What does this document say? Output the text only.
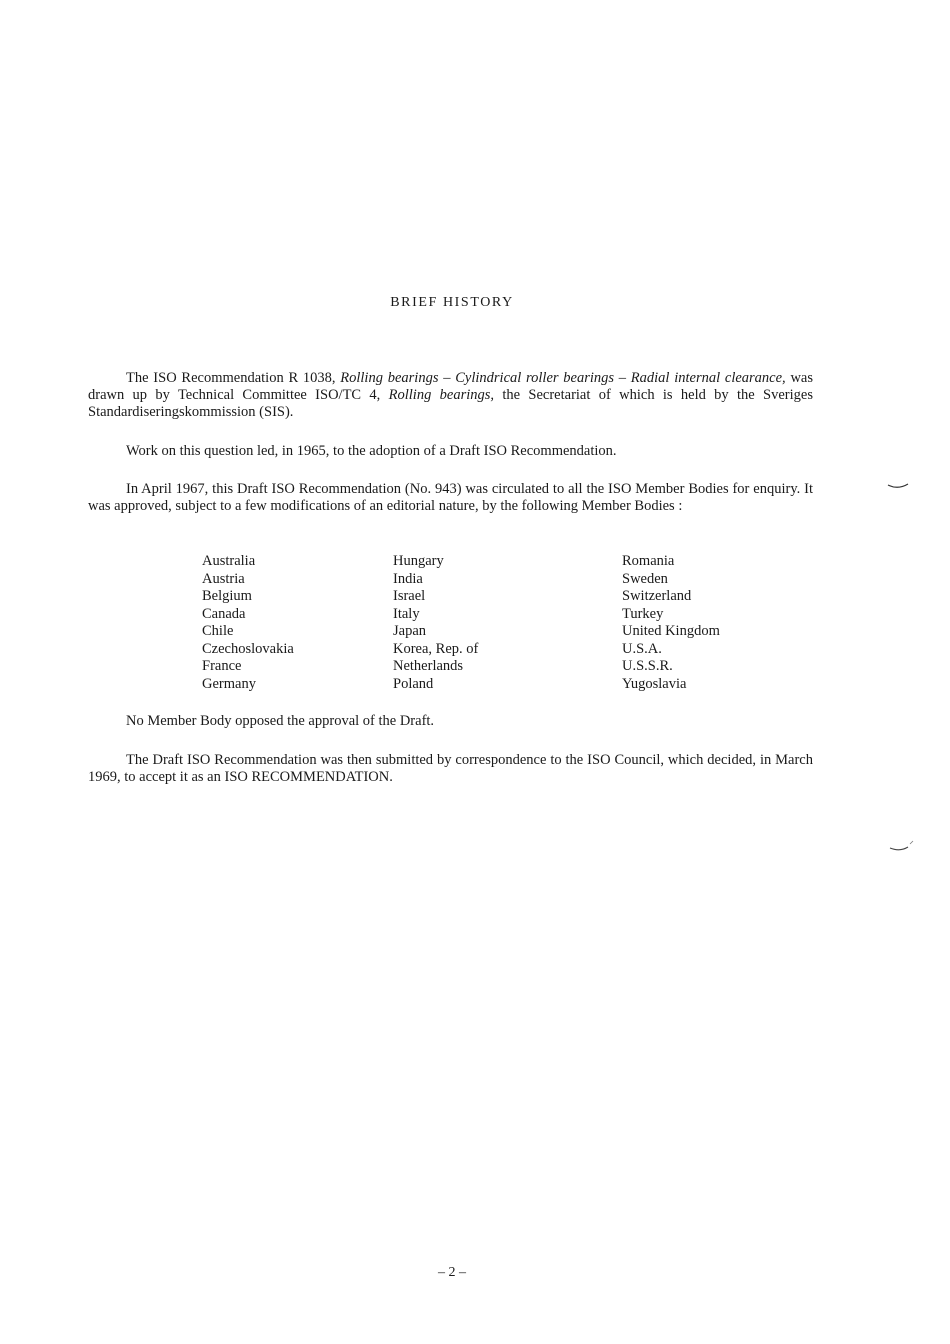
BRIEF HISTORY

The ISO Recommendation R 1038, Rolling bearings – Cylindrical roller bearings – Radial internal clearance, was drawn up by Technical Committee ISO/TC 4, Rolling bearings, the Secretariat of which is held by the Sveriges Standardiseringskommission (SIS).

Work on this question led, in 1965, to the adoption of a Draft ISO Recommendation.

In April 1967, this Draft ISO Recommendation (No. 943) was circulated to all the ISO Member Bodies for enquiry. It was approved, subject to a few modifications of an editorial nature, by the following Member Bodies :

Australia
Austria
Belgium
Canada
Chile
Czechoslovakia
France
Germany
Hungary
India
Israel
Italy
Japan
Korea, Rep. of
Netherlands
Poland
Romania
Sweden
Switzerland
Turkey
United Kingdom
U.S.A.
U.S.S.R.
Yugoslavia

No Member Body opposed the approval of the Draft.

The Draft ISO Recommendation was then submitted by correspondence to the ISO Council, which decided, in March 1969, to accept it as an ISO RECOMMENDATION.

– 2 –
